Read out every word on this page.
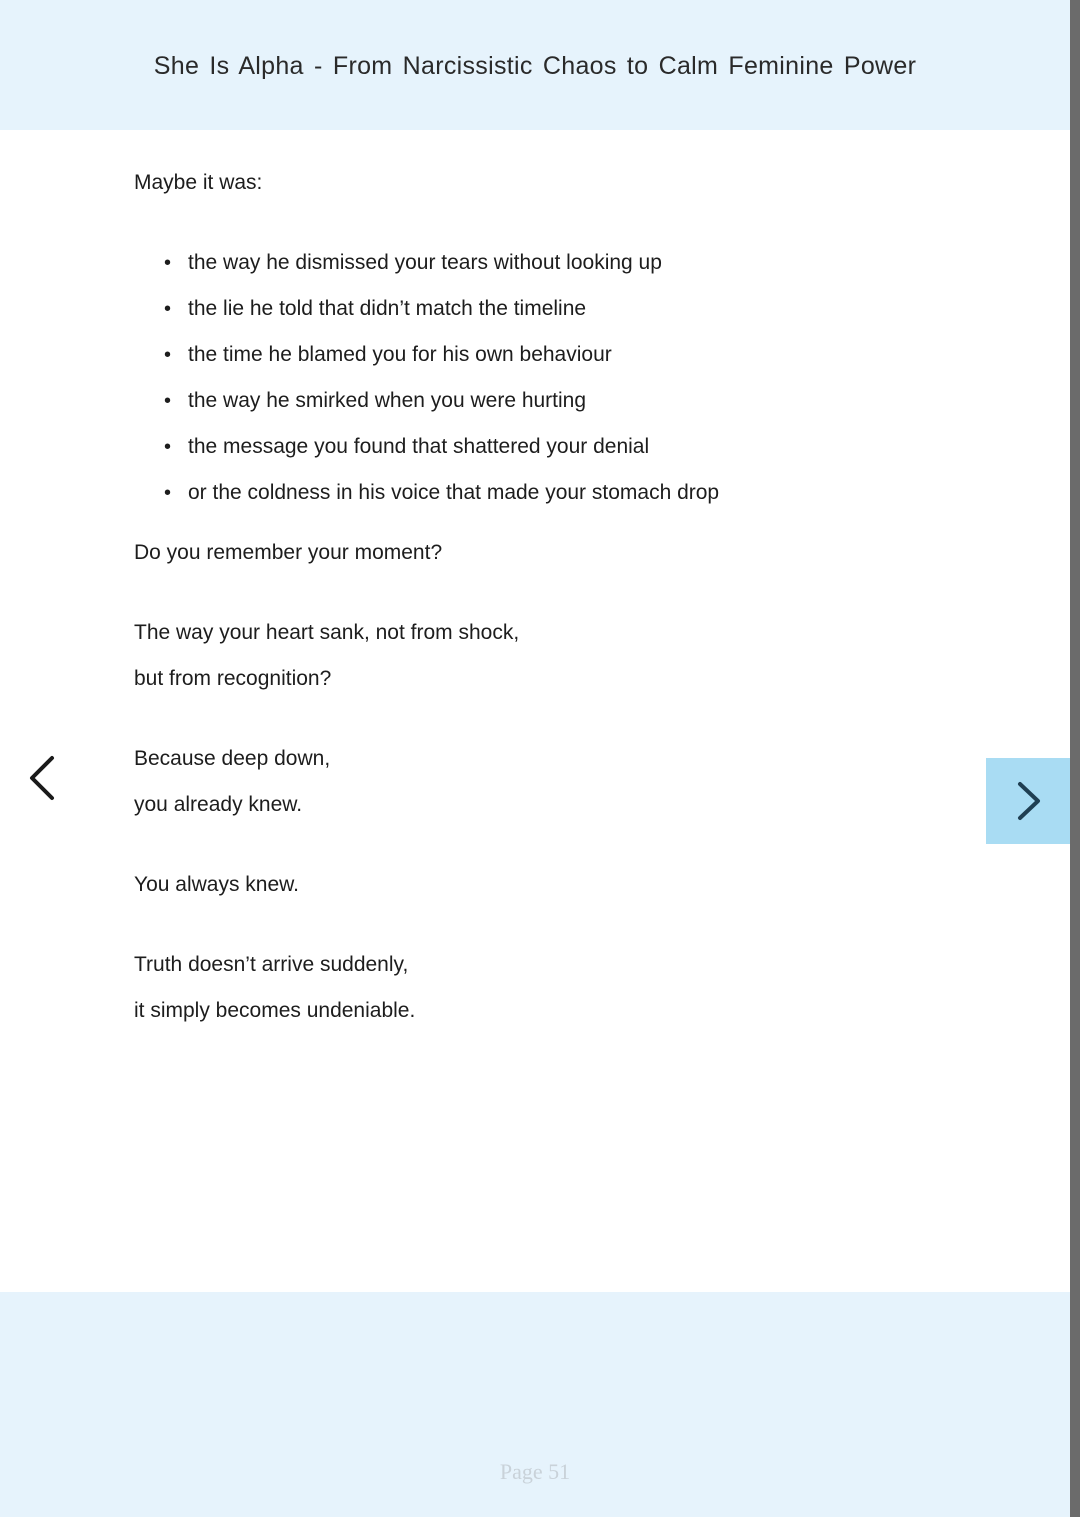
She Is Alpha - From Narcissistic Chaos to Calm Feminine Power

Maybe it was:

• the way he dismissed your tears without looking up
• the lie he told that didn’t match the timeline
• the time he blamed you for his own behaviour
• the way he smirked when you were hurting
• the message you found that shattered your denial
• or the coldness in his voice that made your stomach drop

Do you remember your moment?

The way your heart sank, not from shock,

but from recognition?

Because deep down,

you already knew.

You always knew.

Truth doesn’t arrive suddenly,

it simply becomes undeniable.

Page 51
